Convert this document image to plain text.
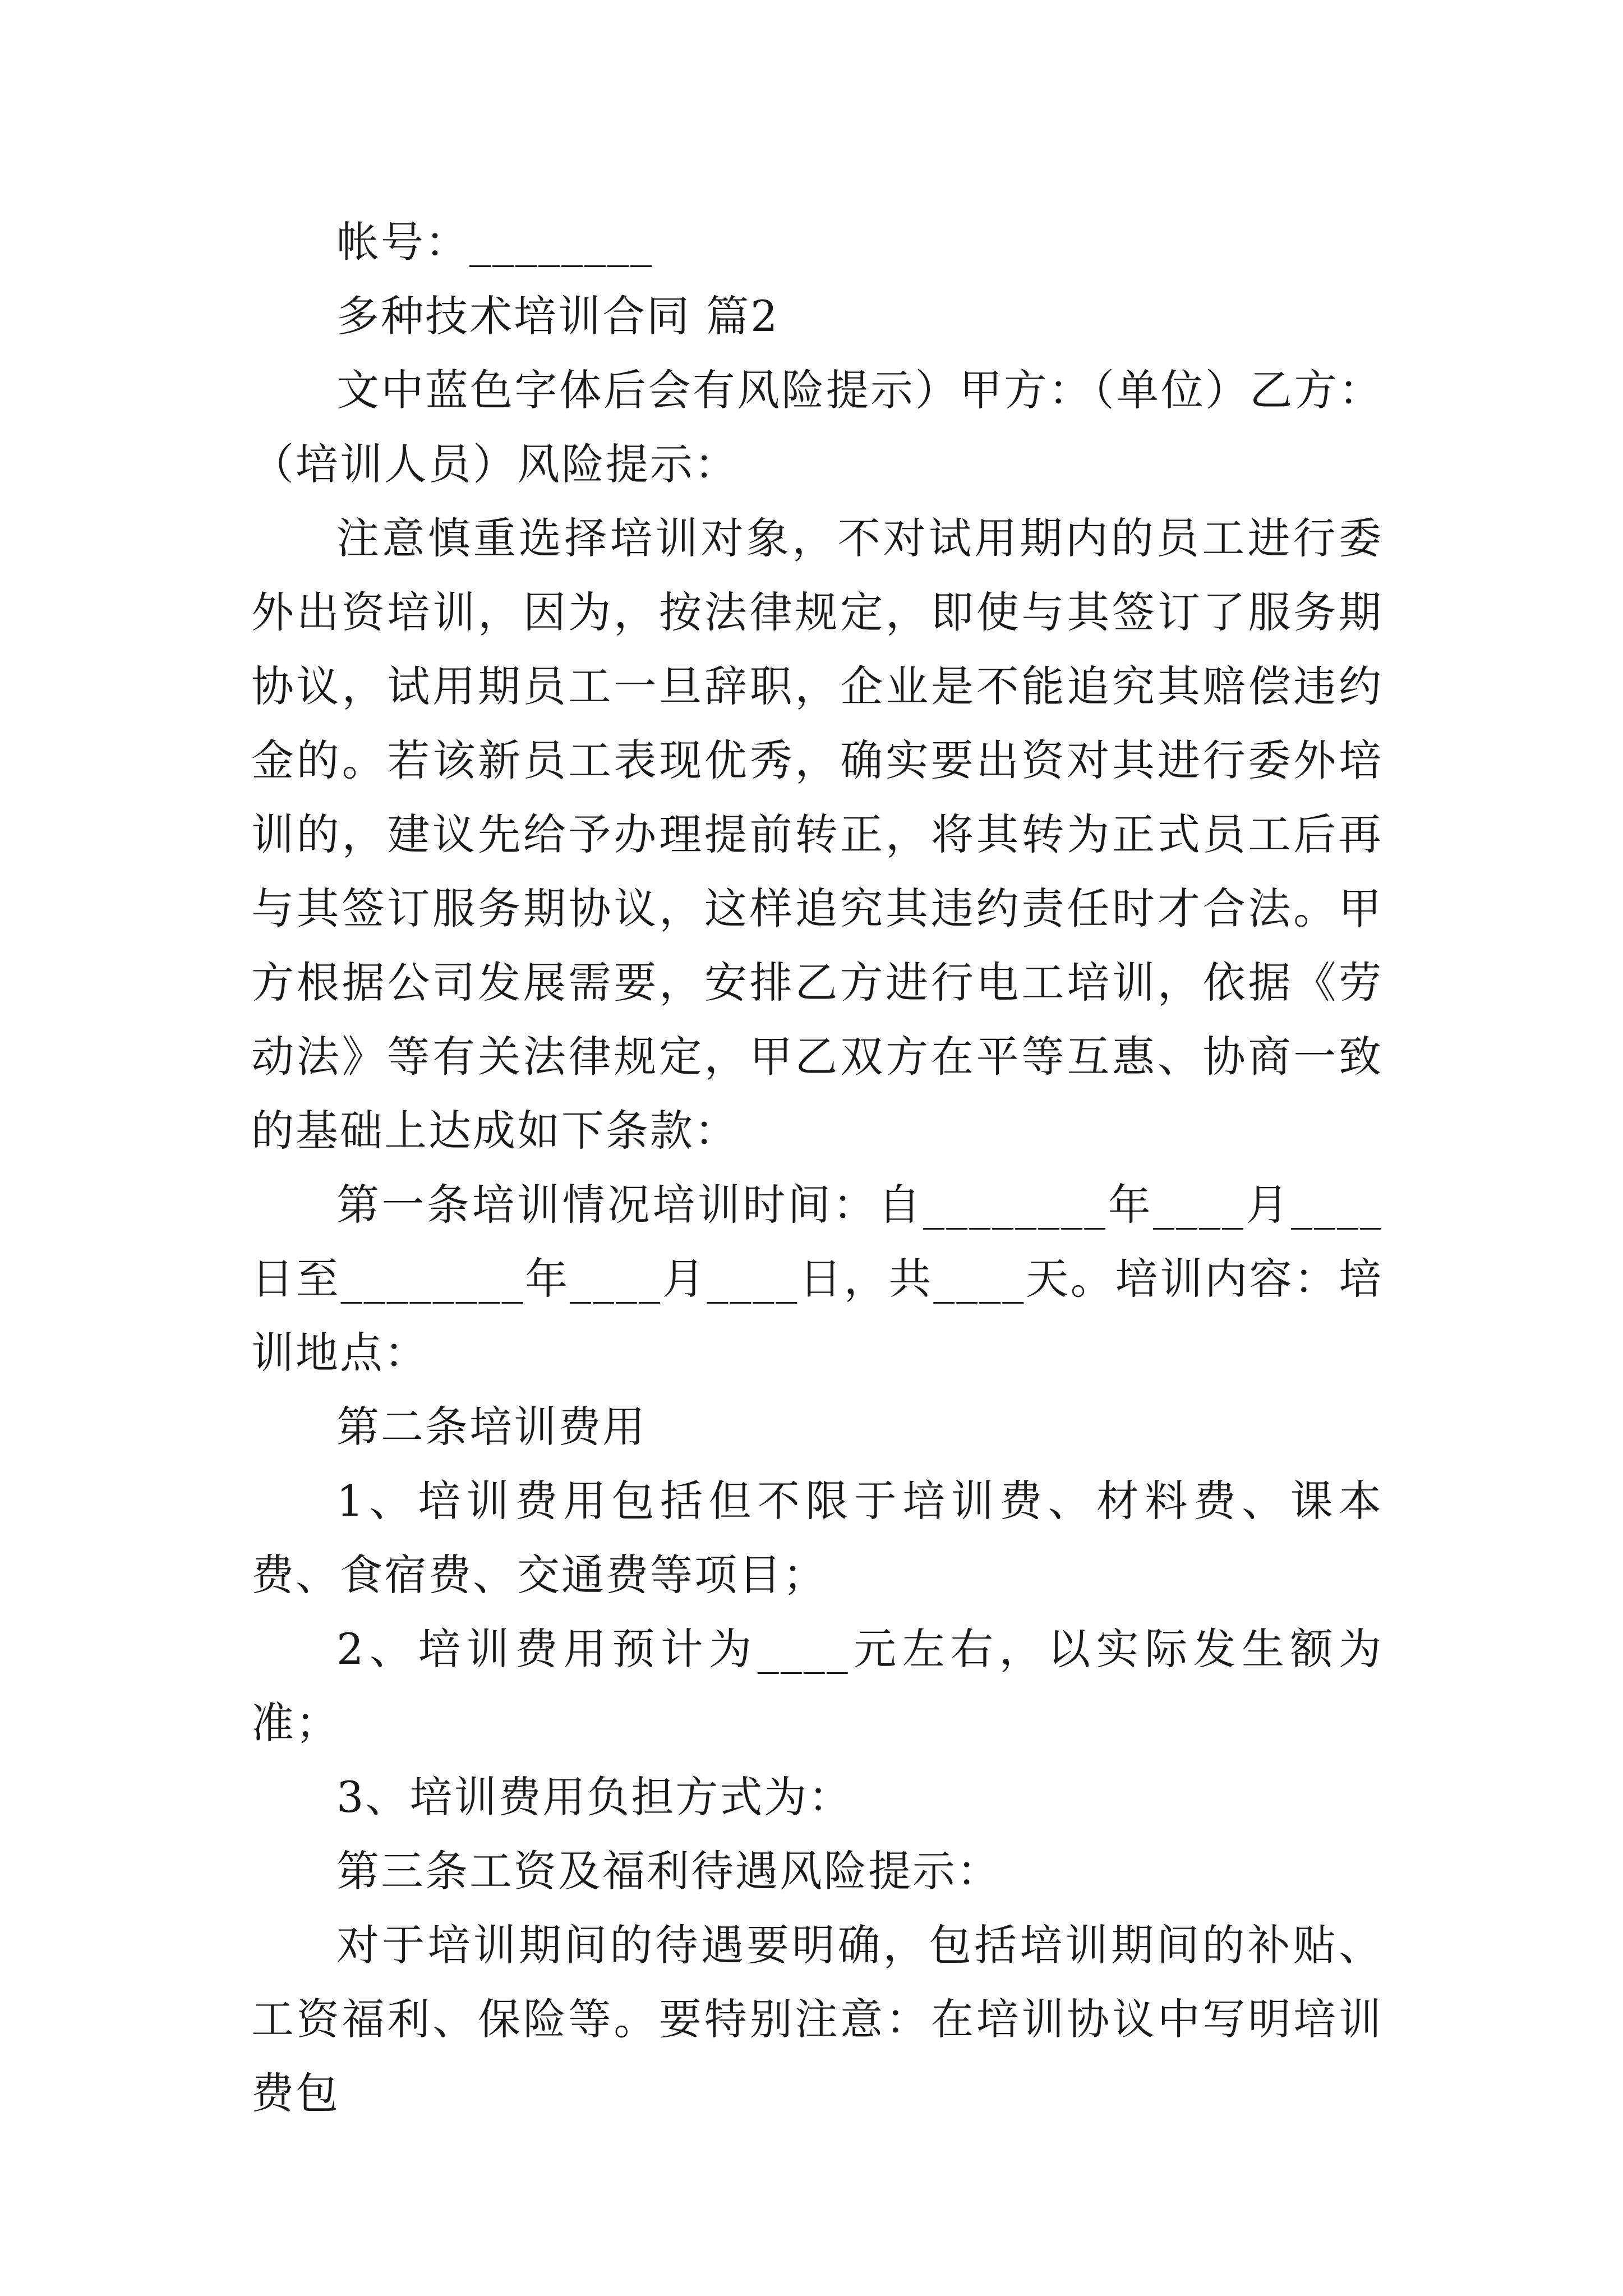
帐号：________

多种技术培训合同 篇2

文中蓝色字体后会有风险提示）甲方：（单位）乙方：（培训人员）风险提示：

注意慎重选择培训对象，不对试用期内的员工进行委外出资培训，因为，按法律规定，即使与其签订了服务期协议，试用期员工一旦辞职，企业是不能追究其赔偿违约金的。若该新员工表现优秀，确实要出资对其进行委外培训的，建议先给予办理提前转正，将其转为正式员工后再与其签订服务期协议，这样追究其违约责任时才合法。甲方根据公司发展需要，安排乙方进行电工培训，依据《劳动法》等有关法律规定，甲乙双方在平等互惠、协商一致的基础上达成如下条款：

第一条培训情况培训时间：自________年____月____日至________年____月____日，共____天。培训内容：培训地点：

第二条培训费用

1、培训费用包括但不限于培训费、材料费、课本费、食宿费、交通费等项目；

2、培训费用预计为____元左右，以实际发生额为准；

3、培训费用负担方式为：

第三条工资及福利待遇风险提示：

对于培训期间的待遇要明确，包括培训期间的补贴、工资福利、保险等。要特别注意：在培训协议中写明培训费包
